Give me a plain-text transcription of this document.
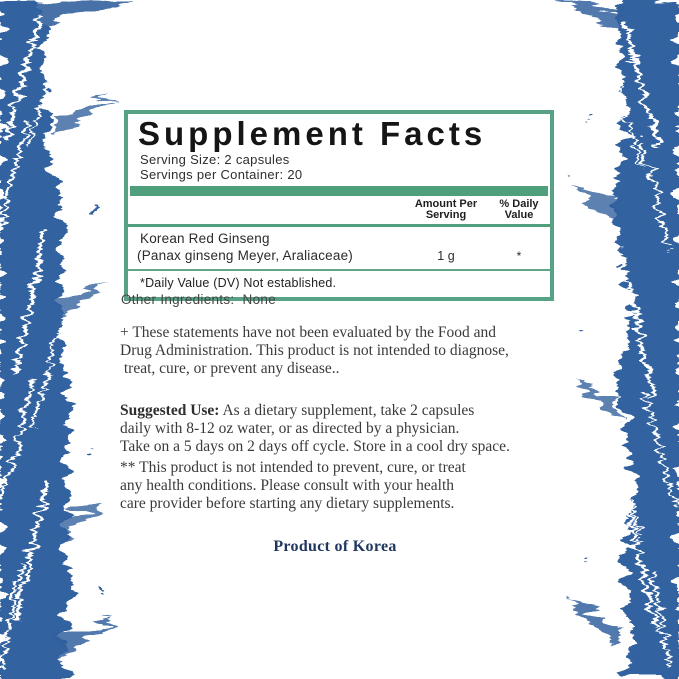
Supplement Facts
Serving Size: 2 capsules
Servings per Container: 20
Amount Per
Serving
% Daily
Value
Korean Red Ginseng
(Panax ginseng Meyer, Araliaceae)	1 g	*
*Daily Value (DV) Not established.
Other Ingredients:  None
+ These statements have not been evaluated by the Food and
Drug Administration. This product is not intended to diagnose,
treat, cure, or prevent any disease..
Suggested Use: As a dietary supplement, take 2 capsules
daily with 8-12 oz water, or as directed by a physician.
Take on a 5 days on 2 days off cycle. Store in a cool dry space.
** This product is not intended to prevent, cure, or treat
any health conditions. Please consult with your health
care provider before starting any dietary supplements.
Product of Korea
